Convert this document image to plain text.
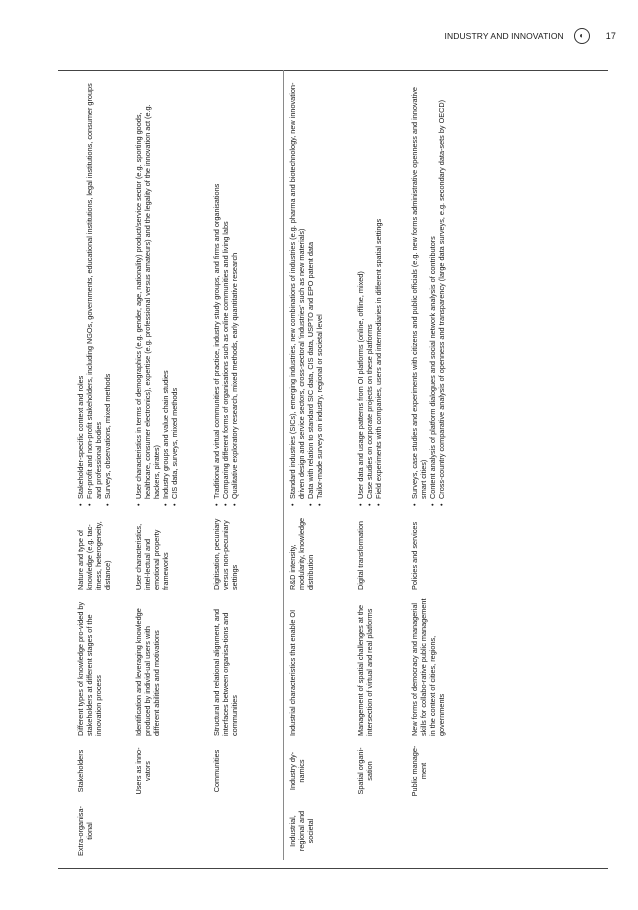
INDUSTRY AND INNOVATION	◐	17
Extra-organisa-tional
Stakeholders
Different types of knowledge pro-vided by stakeholders at different stages of the innovation process
Nature and type of knowledge (e.g. tac-itness, heterogeneity, distance)
• Stakeholder-specific context and roles • For-profit and non-profit stakeholders, including NGOs, governments, educational institutions, legal institutions, consumer groups and professional bodies • Surveys, observations, mixed methods
Users as inno-vators
Identification and leveraging knowledge produced by individ-ual users with different abilities and motivations
User characteristics, intel-lectual and emotional property frameworks
• User characteristics in terms of demographics (e.g. gender, age, nationality) product/service sector (e.g. sporting goods, healthcare, consumer electronics), expertise (e.g. professional versus amateurs) and the legality of the innovation act (e.g. hackers, pirates) • Industry groups and value chain studies • CIS data, surveys, mixed methods
Communities
Structural and relational alignment, and interfaces between organisa-tions and communities
Digitisation, pecuniary versus non-pecuniary settings
• Traditional and virtual communities of practice, industry study groups, and firms and organisations • Comparing different forms of organisations such as online communities and living labs • Qualitative exploratory research, mixed methods, early quantitative research
Industrial, regional and societal
Industry dy-namics
Industrial characteristics that enable OI
R&D intensity, modularity, knowledge distribution
• Standard industries (SICs), emerging industries, new combinations of industries (e.g. pharma and biotechnology, new innovation-driven design and service sectors, cross-sectoral 'industries' such as new materials) • Data with relation to standard SIC data, CIS data, USPTO and EPO patent data • Tailor-made surveys on industry, regional or societal level
Spatial organi-sation
Management of spatial challenges at the intersection of virtual and real platforms
Digital transformation
• User data and usage patterns from OI platforms (online, offline, mixed) • Case studies on corporate projects on these platforms • Field experiments with companies, users and intermediaries in different spatial settings
Public manage-ment
New forms of democracy and managerial skills for collabo-rative public management in the context of cities, regions, governments
Policies and services
• Surveys, case studies and experiments with citizens and public officials (e.g. new forms administrative openness and innovative smart cities) • Content analysis of platform dialogues and social network analysis of contributors • Cross-country comparative analysis of openness and transparency (large data surveys, e.g. secondary data-sets by OECD)
